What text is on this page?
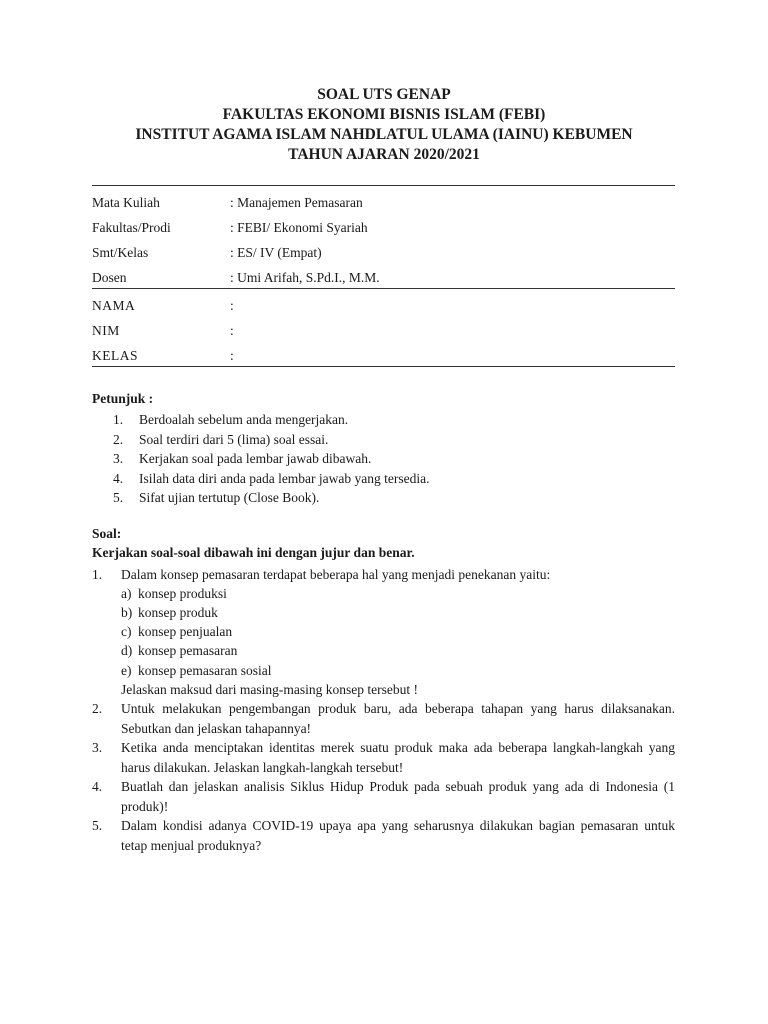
SOAL UTS GENAP
FAKULTAS EKONOMI BISNIS ISLAM (FEBI)
INSTITUT AGAMA ISLAM NAHDLATUL ULAMA (IAINU) KEBUMEN
TAHUN AJARAN 2020/2021
Mata Kuliah	: Manajemen Pemasaran
Fakultas/Prodi	: FEBI/ Ekonomi Syariah
Smt/Kelas	: ES/ IV (Empat)
Dosen	: Umi Arifah, S.Pd.I., M.M.
NAMA	:
NIM	:
KELAS	:
Petunjuk :
1. Berdoalah sebelum anda mengerjakan.
2. Soal terdiri dari 5 (lima) soal essai.
3. Kerjakan soal pada lembar jawab dibawah.
4. Isilah data diri anda pada lembar jawab yang tersedia.
5. Sifat ujian tertutup (Close Book).
Soal:
Kerjakan soal-soal dibawah ini dengan jujur dan benar.
1. Dalam konsep pemasaran terdapat beberapa hal yang menjadi penekanan yaitu:
a) konsep produksi
b) konsep produk
c) konsep penjualan
d) konsep pemasaran
e) konsep pemasaran sosial
Jelaskan maksud dari masing-masing konsep tersebut !
2. Untuk melakukan pengembangan produk baru, ada beberapa tahapan yang harus dilaksanakan. Sebutkan dan jelaskan tahapannya!
3. Ketika anda menciptakan identitas merek suatu produk maka ada beberapa langkah-langkah yang harus dilakukan. Jelaskan langkah-langkah tersebut!
4. Buatlah dan jelaskan analisis Siklus Hidup Produk pada sebuah produk yang ada di Indonesia (1 produk)!
5. Dalam kondisi adanya COVID-19 upaya apa yang seharusnya dilakukan bagian pemasaran untuk tetap menjual produknya?
